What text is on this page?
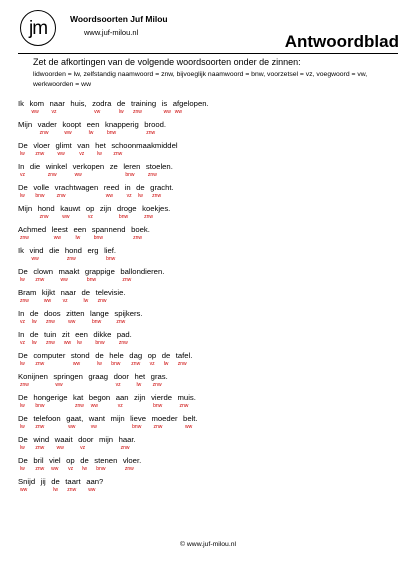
jm	Woordsoorten Juf Milou
www.juf-milou.nl	Antwoordblad
Zet de afkortingen van de volgende woordsoorten onder de zinnen:
lidwoorden = lw, zelfstandig naamwoord = znw, bijvoeglijk naamwoord = bnw, voorzetsel = vz, voegwoord = vw, werkwoorden = ww
Ik kom naar huis, zodra de training is afgelopen.
ww	vz	vw	lw znw	ww ww
Mijn vader koopt een knapperig brood.
znw	ww	lw	bnw	znw
De vloer glimt van het schoonmaakmiddel
lw znw	ww	vz	lw znw
In die winkel verkopen ze leren stoelen.
vz	znw	ww	bnw	znw
De volle vrachtwagen reed in de gracht.
lw bnw znw	ww	vz lw znw
Mijn hond kauwt op zijn droge koekjes.
znw	ww	vz	bnw	znw
Achmed leest een spannend boek.
znw	ww	lw	bnw	znw
Ik vind die hond erg lief.
ww	znw	bnw
De clown maakt grappige ballondieren.
lw znw	ww	bnw	znw
Bram kijkt naar de televisie.
znw	ww vz	lw znw
In de doos zitten lange spijkers.
vz lw znw	ww	bnw	znw
In de tuin zit een dikke pad.
vz lw znw ww lw	bnw	znw
De computer stond de hele dag op de tafel.
lw znw	ww	lw bnw znw vz lw znw
Konijnen springen graag door het gras.
znw	ww	vz	lw znw
De hongerige kat begon aan zijn vierde muis.
lw bnw	znw ww	vz	bnw	znw
De telefoon gaat, want mijn lieve moeder belt.
lw znw	ww	vw	bnw znw	ww
De wind waait door mijn haar.
lw znw ww	vz	znw
De bril viel op de stenen vloer.
lw znw ww vz lw bnw	znw
Snijd jij de taart aan?
ww	lw znw ww
© www.juf-milou.nl
